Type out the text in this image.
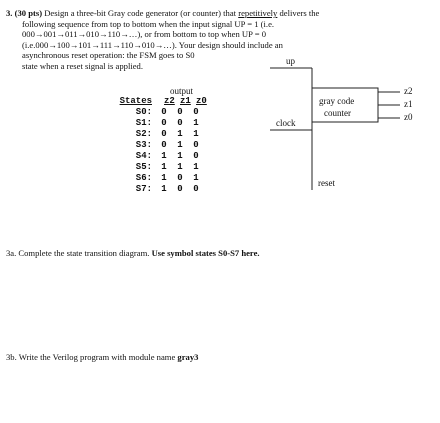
3. (30 pts) Design a three-bit Gray code generator (or counter) that repetitively delivers the
following sequence from top to bottom when the input signal UP = 1 (i.e.
000→001→011→010→110→…), or from bottom to top when UP = 0
(i.e.000→100→101→111→110→010→…). Your design should include an
asynchronous reset operation: the FSM goes to S0
state when a reset signal is applied.
output
States z2 z1 z0
S0: 0 0 0
S1: 0 0 1
S2: 0 1 1
S3: 0 1 0
S4: 1 1 0
S5: 1 1 1
S6: 1 0 1
S7: 1 0 0
up
clock
reset
gray code
counter
z2
z1
z0
3a. Complete the state transition diagram. Use symbol states S0-S7 here.
3b. Write the Verilog program with module name gray3
